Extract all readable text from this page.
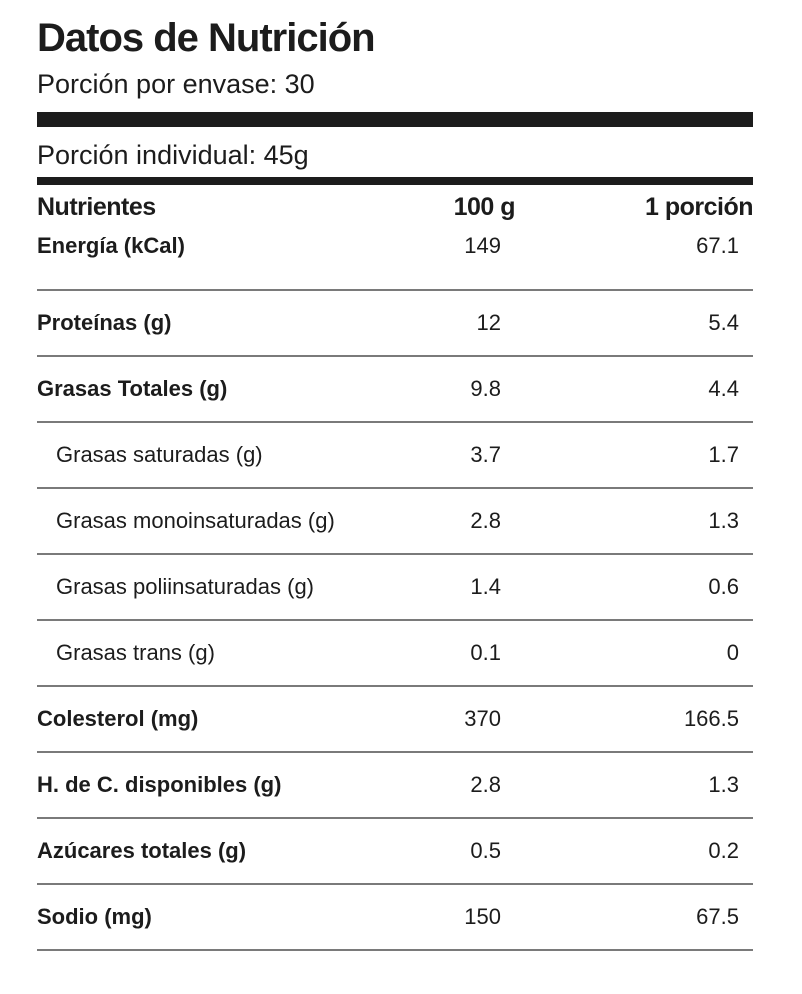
Datos de Nutrición
Porción por envase: 30
Porción individual: 45g
Nutrientes	100 g	1 porción
Energía (kCal)	149	67.1
Proteínas (g)	12	5.4
Grasas Totales (g)	9.8	4.4
Grasas saturadas (g)	3.7	1.7
Grasas monoinsaturadas (g)	2.8	1.3
Grasas poliinsaturadas (g)	1.4	0.6
Grasas trans (g)	0.1	0
Colesterol (mg)	370	166.5
H. de C. disponibles (g)	2.8	1.3
Azúcares totales (g)	0.5	0.2
Sodio (mg)	150	67.5
